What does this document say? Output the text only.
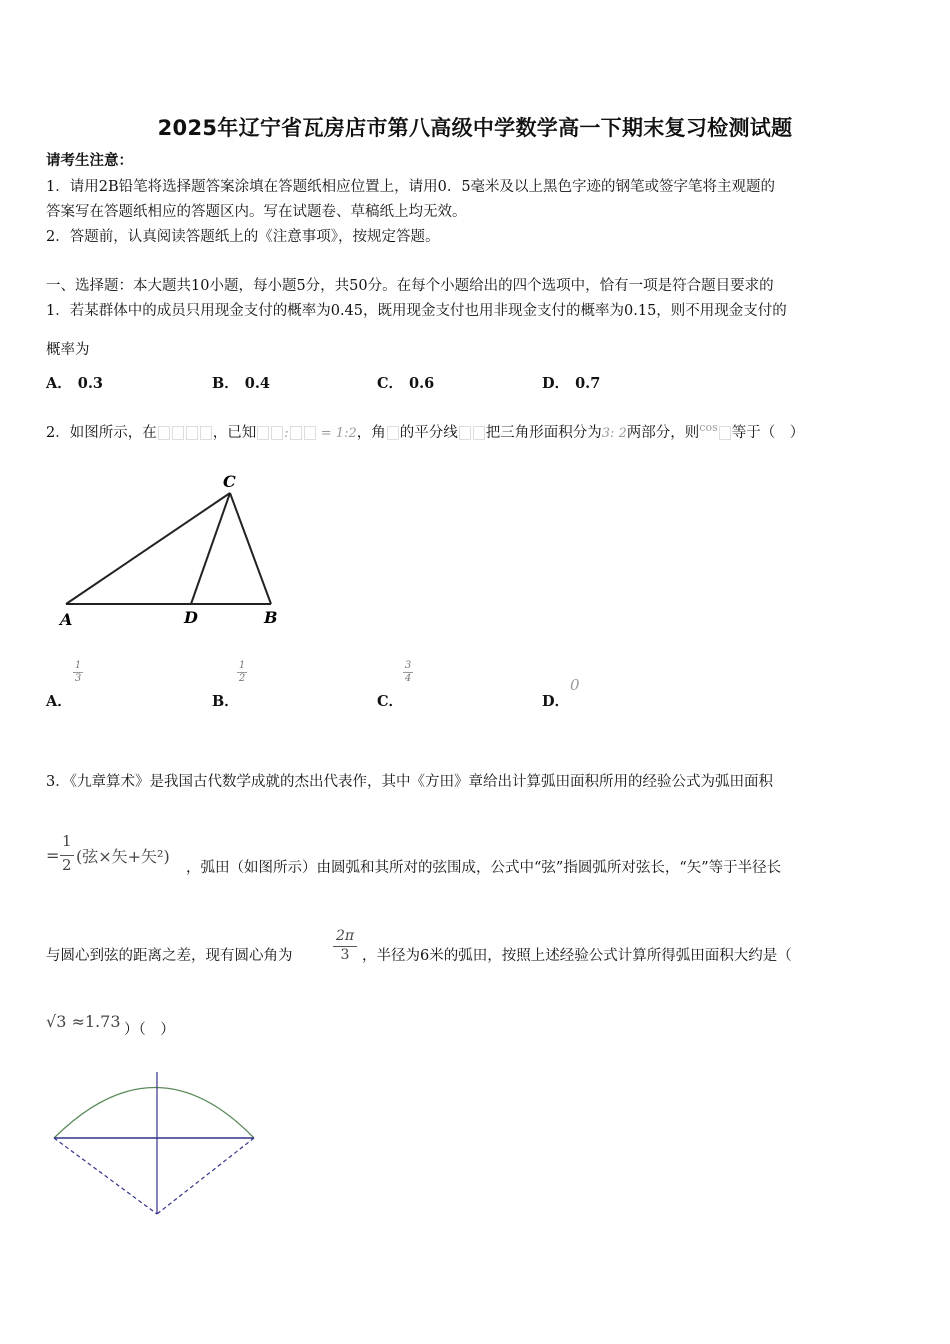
2025年辽宁省瓦房店市第八高级中学数学高一下期末复习检测试题
请考生注意：
1．请用2B铅笔将选择题答案涂填在答题纸相应位置上，请用0．5毫米及以上黑色字迹的钢笔或签字笔将主观题的
答案写在答题纸相应的答题区内。写在试题卷、草稿纸上均无效。
2．答题前，认真阅读答题纸上的《注意事项》，按规定答题。
一、选择题：本大题共10小题，每小题5分，共50分。在每个小题给出的四个选项中，恰有一项是符合题目要求的
1．若某群体中的成员只用现金支付的概率为0.45，既用现金支付也用非现金支付的概率为0.15，则不用现金支付的
概率为
A． 0.3	B． 0.4	C． 0.6	D． 0.7
2．如图所示，在	，已知 : = 1:2，角 的平分线 把三角形面积分为3: 2两部分，则$^{cos}$ 等于（　）
A	B
C
D
A．
$\frac{1}{3}$
B．
$\frac{1}{2}$
C．
$\frac{3}{4}$
D．
0
3．《九章算术》是我国古代数学成就的杰出代表作，其中《方田》章给出计算弧田面积所用的经验公式为弧田面积
=
1
2 (弦×矢+矢²)
，弧田（如图所示）由圆弧和其所对的弦围成，公式中“弦”指圆弧所对弦长，“矢”等于半径长
与圆心到弦的距离之差，现有圆心角为
2π
3 ，半径为6米的弧田，按照上述经验公式计算所得弧田面积大约是（
√3 ≈1.73 ）（　）
